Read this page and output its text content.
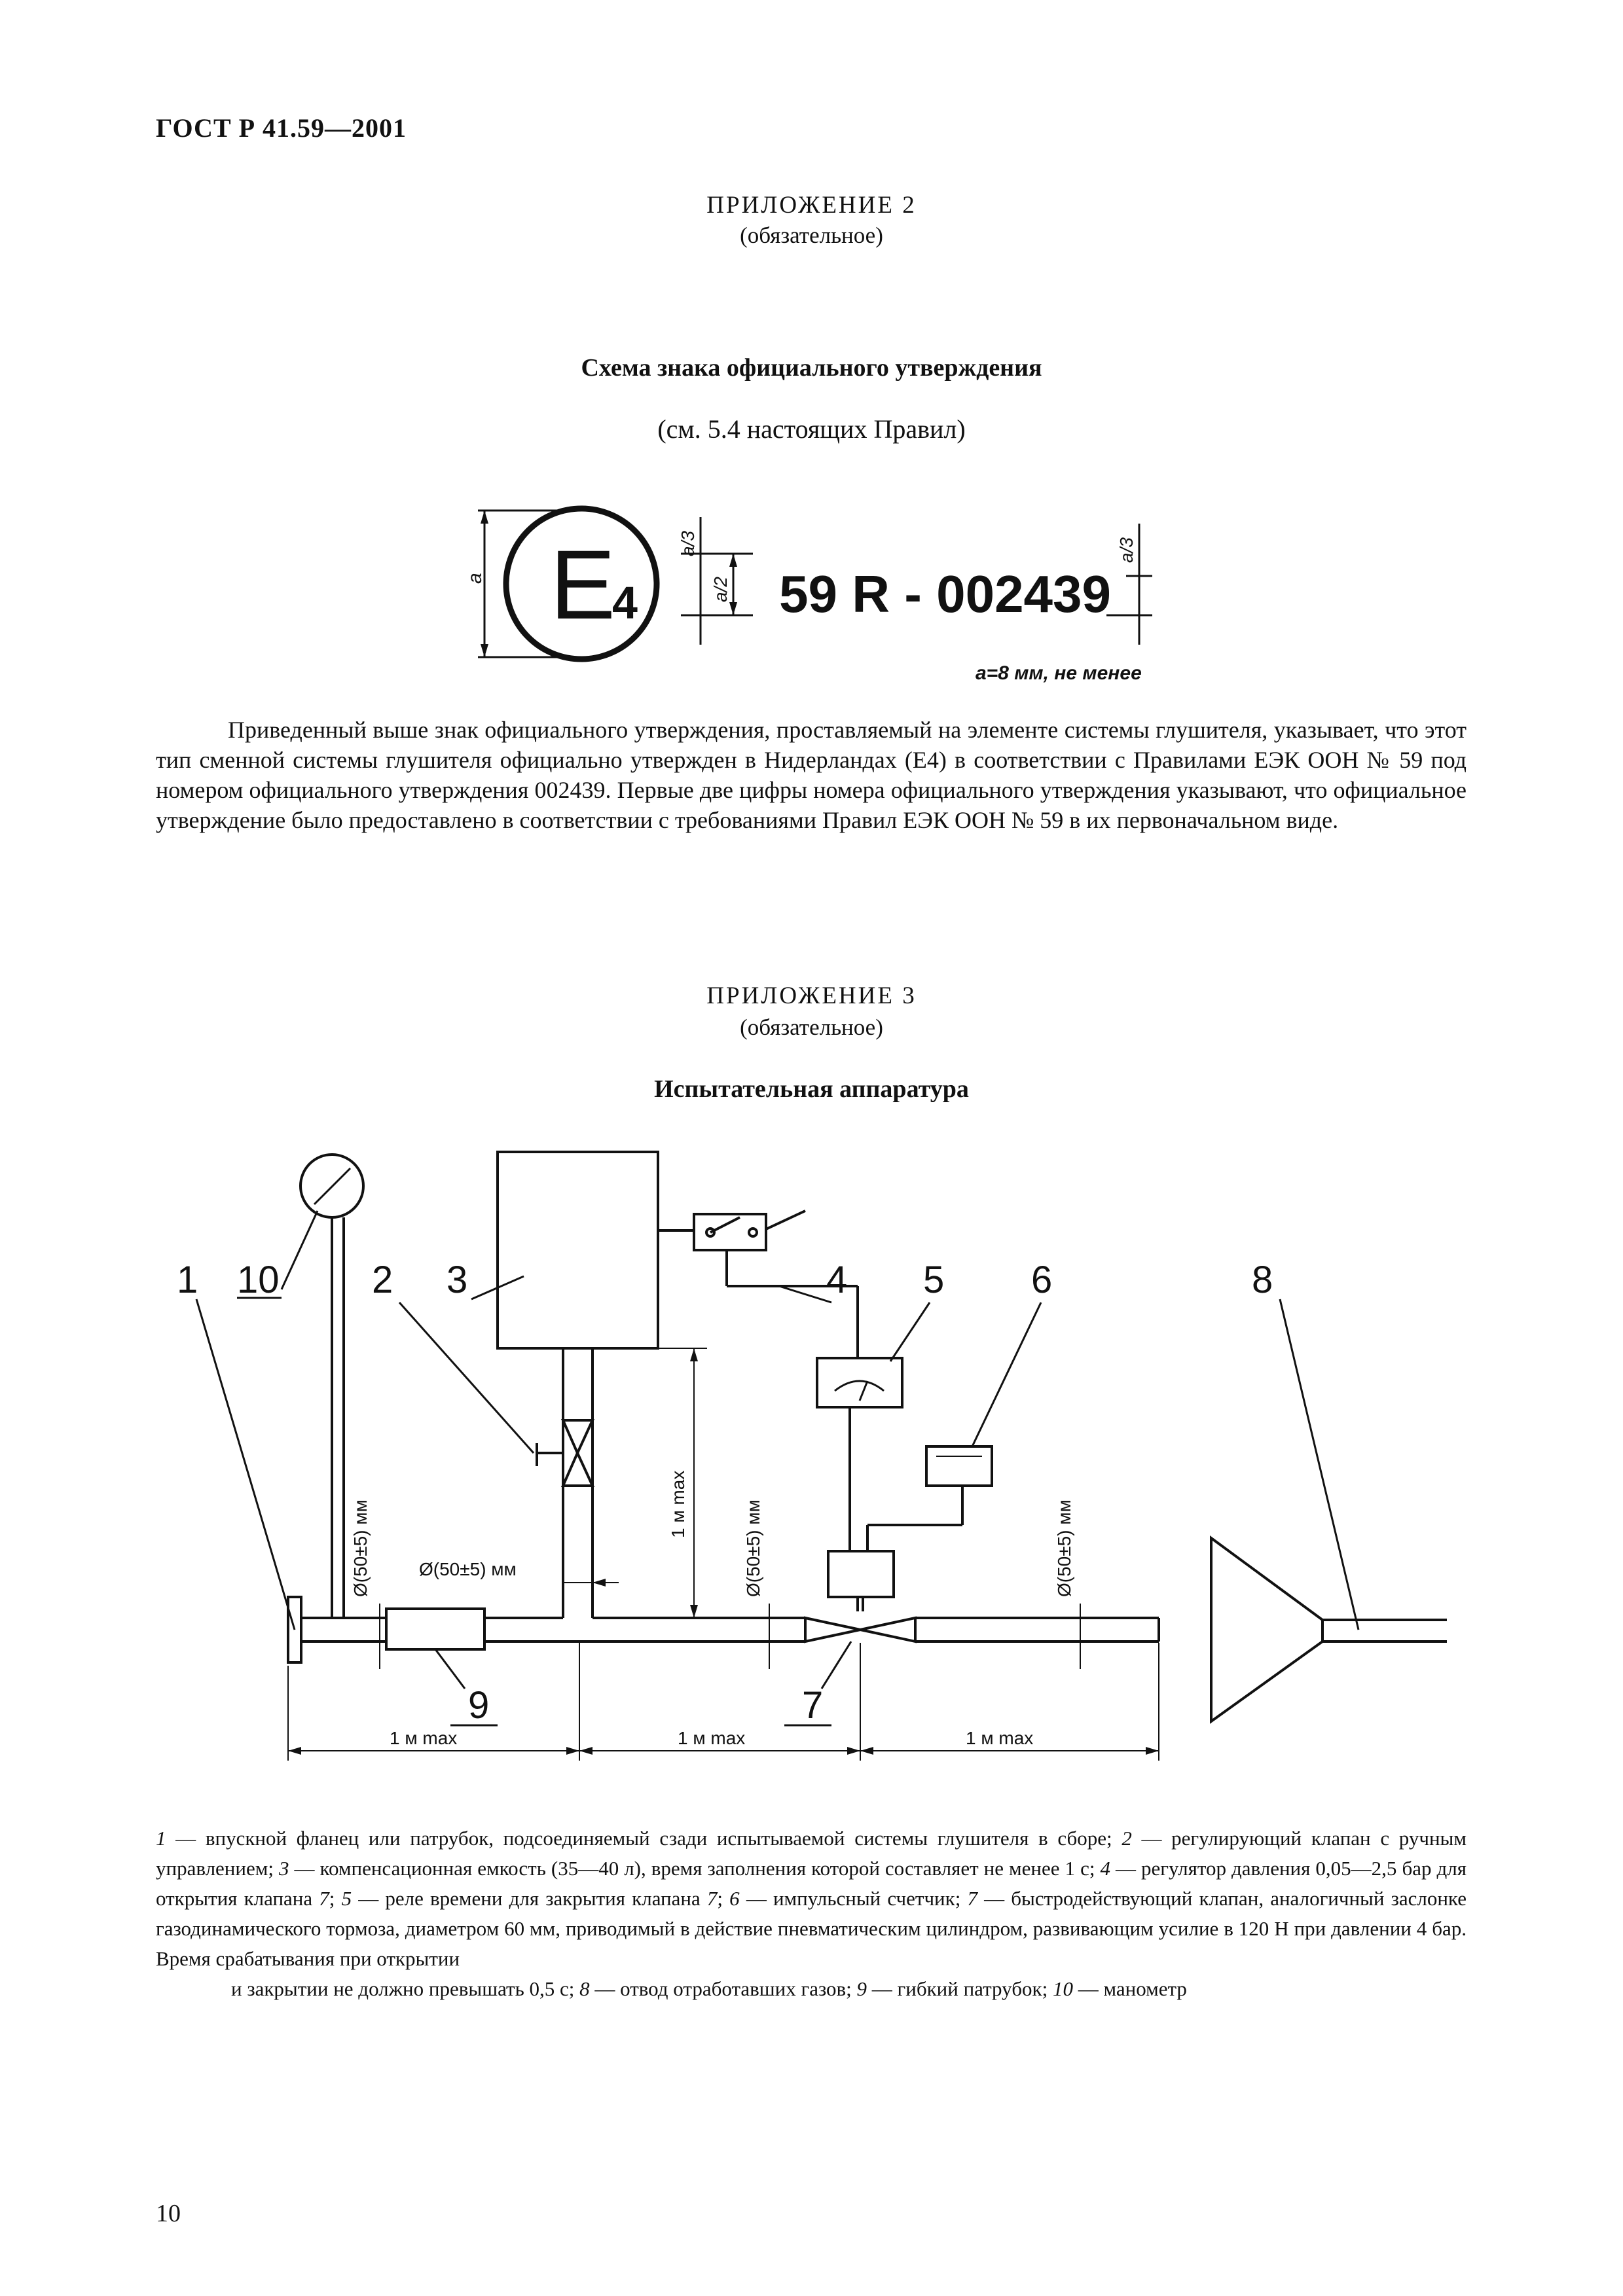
ГОСТ Р 41.59—2001
ПРИЛОЖЕНИЕ 2
(обязательное)
Схема знака официального утверждения
(см. 5.4 настоящих Правил)
E
4	59 R - 002439
a
a/3
a/2
a/3
a=8 мм, не менее
Приведенный выше знак официального утверждения, проставляемый на элементе системы глушителя, указывает, что этот тип сменной системы глушителя официально утвержден в Нидерландах (E4) в соответствии с Правилами ЕЭК ООН № 59 под номером официального утверждения 002439. Первые две цифры номера официального утверждения указывают, что официальное утверждение было предоставлено в соответствии с требованиями Правил ЕЭК ООН № 59 в их первоначальном виде.
ПРИЛОЖЕНИЕ 3
(обязательное)
Испытательная аппаратура
1 10 2 3	4 5 6	8
9	7
Ø(50±5) мм	Ø(50±5) мм	Ø(50±5) мм
Ø(50±5) мм
1 м max
1 м max	1 м max	1 м max
1 — впускной фланец или патрубок, подсоединяемый сзади испытываемой системы глушителя в сборе; 2 — регулирующий клапан с ручным управлением; 3 — компенсационная емкость (35—40 л), время заполнения которой составляет не менее 1 с; 4 — регулятор давления 0,05—2,5 бар для открытия клапана 7; 5 — реле времени для закрытия клапана 7; 6 — импульсный счетчик; 7 — быстродействующий клапан, аналогичный заслонке газодинамического тормоза, диаметром 60 мм, приводимый в действие пневматическим цилиндром, развивающим усилие в 120 Н при давлении 4 бар. Время срабатывания при открытии
и закрытии не должно превышать 0,5 с; 8 — отвод отработавших газов; 9 — гибкий патрубок; 10 — манометр
10
